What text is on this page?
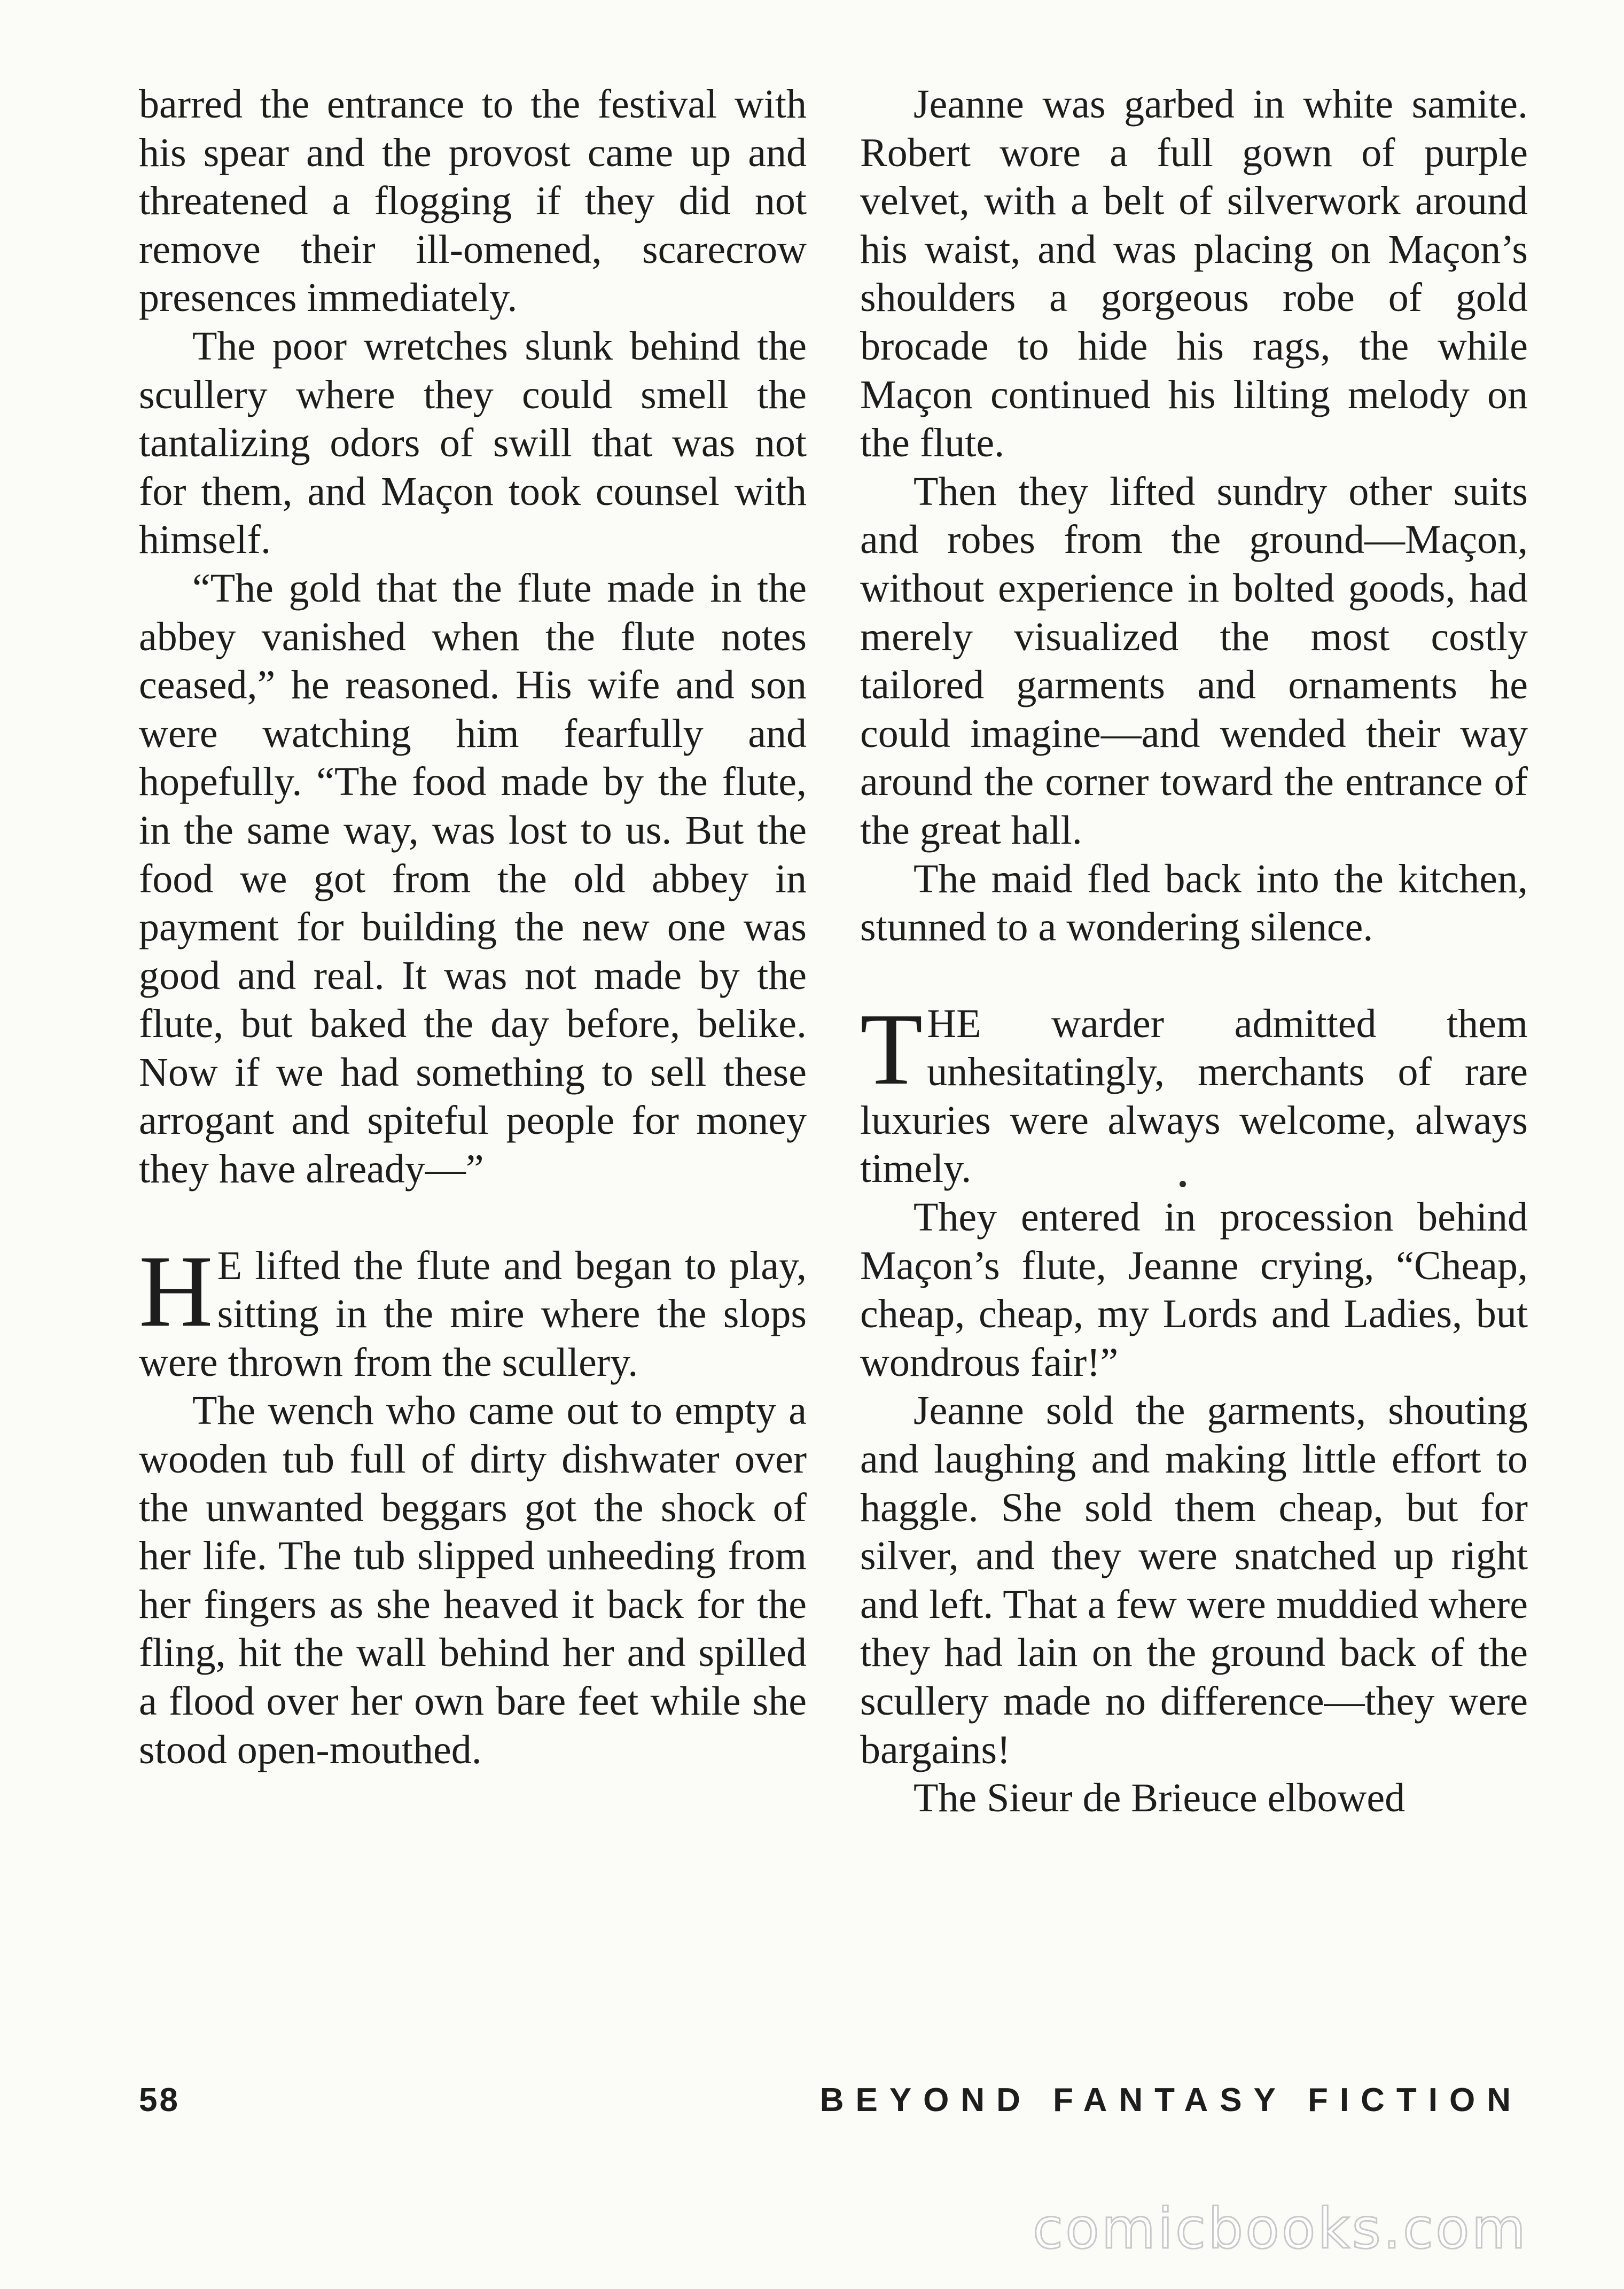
barred the entrance to the festival with his spear and the provost came up and threatened a flogging if they did not remove their ill-omened, scarecrow presences immediately.

The poor wretches slunk behind the scullery where they could smell the tantalizing odors of swill that was not for them, and Maçon took counsel with himself.

“The gold that the flute made in the abbey vanished when the flute notes ceased,” he reasoned. His wife and son were watching him fearfully and hopefully. “The food made by the flute, in the same way, was lost to us. But the food we got from the old abbey in payment for building the new one was good and real. It was not made by the flute, but baked the day before, belike. Now if we had something to sell these arrogant and spiteful people for money they have already—”

H E lifted the flute and began to play, sitting in the mire where the slops were thrown from the scullery.

The wench who came out to empty a wooden tub full of dirty dishwater over the unwanted beggars got the shock of her life. The tub slipped unheeding from her fingers as she heaved it back for the fling, hit the wall behind her and spilled a flood over her own bare feet while she stood open-mouthed.

Jeanne was garbed in white samite. Robert wore a full gown of purple velvet, with a belt of silverwork around his waist, and was placing on Maçon’s shoulders a gorgeous robe of gold brocade to hide his rags, the while Maçon continued his lilting melody on the flute.

Then they lifted sundry other suits and robes from the ground—Maçon, without experience in bolted goods, had merely visualized the most costly tailored garments and ornaments he could imagine—and wended their way around the corner toward the entrance of the great hall.

The maid fled back into the kitchen, stunned to a wondering silence.

THE warder admitted them unhesitatingly, merchants of rare luxuries were always welcome, always timely.

They entered in procession behind Maçon’s flute, Jeanne crying, “Cheap, cheap, cheap, my Lords and Ladies, but wondrous fair!”

Jeanne sold the garments, shouting and laughing and making little effort to haggle. She sold them cheap, but for silver, and they were snatched up right and left. That a few were muddied where they had lain on the ground back of the scullery made no difference—they were bargains!

The Sieur de Brieuce elbowed

58	BEYOND FANTASY FICTION
comicbooks.com
